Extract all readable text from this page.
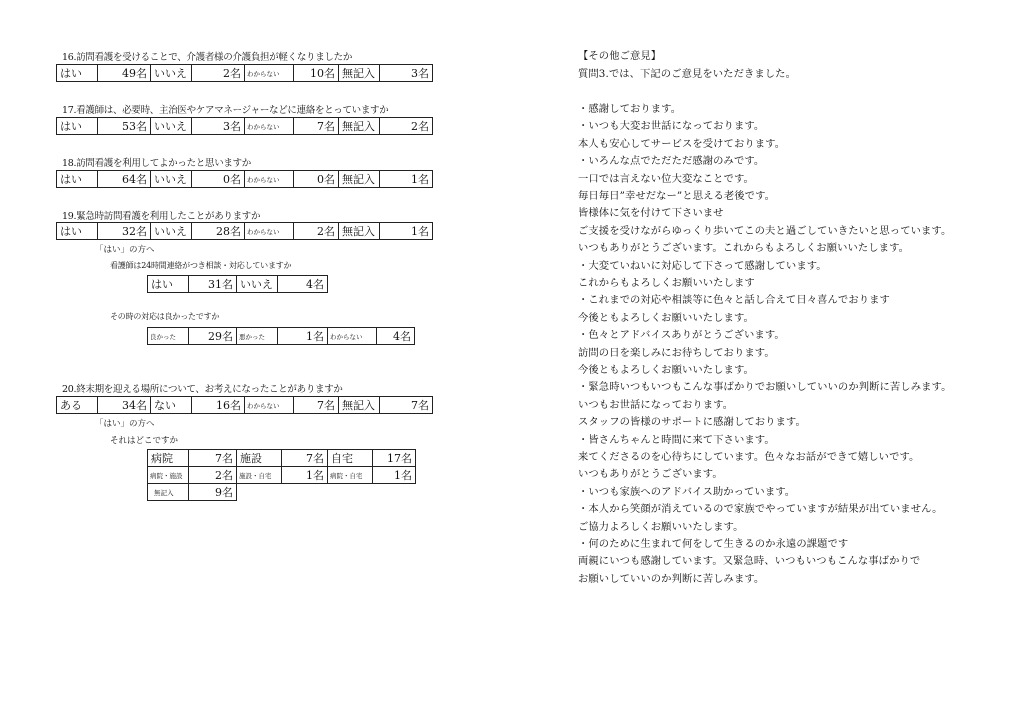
16.訪問看護を受けることで、介護者様の介護負担が軽くなりましたか
はい	49名	いいえ	2名	わからない	10名	無記入	3名
17.看護師は、必要時、主治医やケアマネージャーなどに連絡をとっていますか
はい	53名	いいえ	3名	わからない	7名	無記入	2名
18.訪問看護を利用してよかったと思いますか
はい	64名	いいえ	0名	わからない	0名	無記入	1名
19.緊急時訪問看護を利用したことがありますか
はい	32名	いいえ	28名	わからない	2名	無記入	1名
「はい」の方へ
看護師は24時間連絡がつき相談・対応していますか
はい	31名	いいえ	4名
その時の対応は良かったですか
良かった	29名	悪かった	1名	わからない	4名
20.終末期を迎える場所について、お考えになったことがありますか
ある	34名	ない	16名	わからない	7名	無記入	7名
「はい」の方へ
それはどこですか
病院	7名	施設	7名	自宅	17名
病院・施設	2名	施設・自宅	1名	病院・自宅	1名
無記入	9名
【その他ご意見】
質問3.では、下記のご意見をいただきました。
・感謝しております。
・いつも大変お世話になっております。
本人も安心してサービスを受けております。
・いろんな点でただただ感謝のみです。
一口では言えない位大変なことです。
毎日毎日”幸せだなー”と思える老後です。
皆様体に気を付けて下さいませ
ご支援を受けながらゆっくり歩いてこの夫と過ごしていきたいと思っています。
いつもありがとうございます。これからもよろしくお願いいたします。
・大変ていねいに対応して下さって感謝しています。
これからもよろしくお願いいたします
・これまでの対応や相談等に色々と話し合えて日々喜んでおります
今後ともよろしくお願いいたします。
・色々とアドバイスありがとうございます。
訪問の日を楽しみにお待ちしております。
今後ともよろしくお願いいたします。
・緊急時いつもいつもこんな事ばかりでお願いしていいのか判断に苦しみます。
いつもお世話になっております。
スタッフの皆様のサポートに感謝しております。
・皆さんちゃんと時間に来て下さいます。
来てくださるのを心待ちにしています。色々なお話ができて嬉しいです。
いつもありがとうございます。
・いつも家族へのアドバイス助かっています。
・本人から笑顔が消えているので家族でやっていますが結果が出ていません。
ご協力よろしくお願いいたします。
・何のために生まれて何をして生きるのか永遠の課題です
両親にいつも感謝しています。又緊急時、いつもいつもこんな事ばかりで
お願いしていいのか判断に苦しみます。
